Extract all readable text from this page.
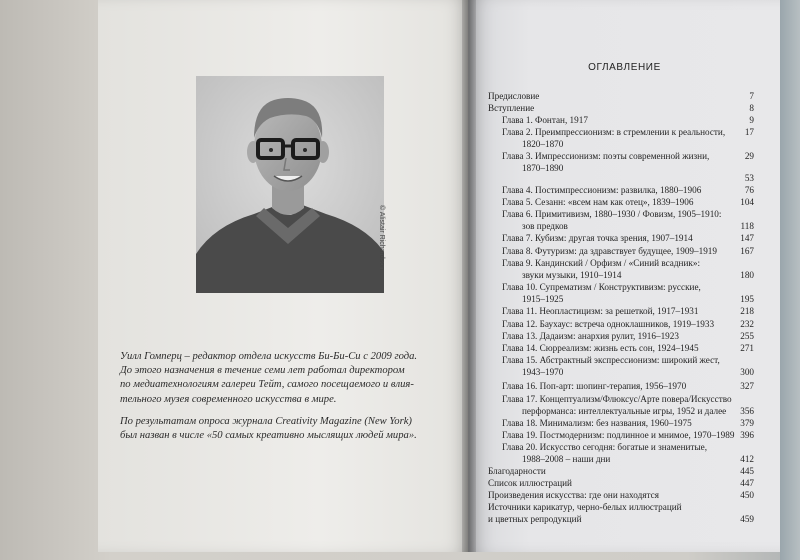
© Alistair Richardson

Уилл Гомперц – редактор отдела искусств Би-Би-Си с 2009 года.
До этого назначения в течение семи лет работал директором
по медиатехнологиям галереи Тейт, самого посещаемого и влия-
тельного музея современного искусства в мире.

По результатам опроса журнала Creativity Magazine (New York)
был назван в числе «50 самых креативно мыслящих людей мира».

ОГЛАВЛЕНИЕ
Предисловие	7
Вступление	8
Глава 1. Фонтан, 1917	9
Глава 2. Преимпрессионизм: в стремлении к реальности, 17
1820–1870
Глава 3. Импрессионизм: поэты современной жизни,	29
1870–1890
53
Глава 4. Постимпрессионизм: развилка, 1880–1906	76
Глава 5. Сезанн: «всем нам как отец», 1839–1906	104
Глава 6. Примитивизм, 1880–1930 / Фовизм, 1905–1910:
зов предков	118
Глава 7. Кубизм: другая точка зрения, 1907–1914	147
Глава 8. Футуризм: да здравствует будущее, 1909–1919	167
Глава 9. Кандинский / Орфизм / «Синий всадник»:
звуки музыки, 1910–1914	180
Глава 10. Супрематизм / Конструктивизм: русские,
1915–1925	195
Глава 11. Неопластицизм: за решеткой, 1917–1931	218
Глава 12. Баухаус: встреча одноклашников, 1919–1933	232
Глава 13. Дадаизм: анархия рулит, 1916–1923	255
Глава 14. Сюрреализм: жизнь есть сон, 1924–1945	271
Глава 15. Абстрактный экспрессионизм: широкий жест,
1943–1970	300
Глава 16. Поп-арт: шопинг-терапия, 1956–1970	327
Глава 17. Концептуализм/Флюксус/Арте повера/Искусство
перформанса: интеллектуальные игры, 1952 и далее 356
Глава 18. Минимализм: без названия, 1960–1975	379
Глава 19. Постмодернизм: подлинное и мнимое, 1970–1989 396
Глава 20. Искусство сегодня: богатые и знаменитые,
1988–2008 – наши дни	412
Благодарности	445
Список иллюстраций	447
Произведения искусства: где они находятся	450
Источники карикатур, черно-белых иллюстраций
и цветных репродукций	459
